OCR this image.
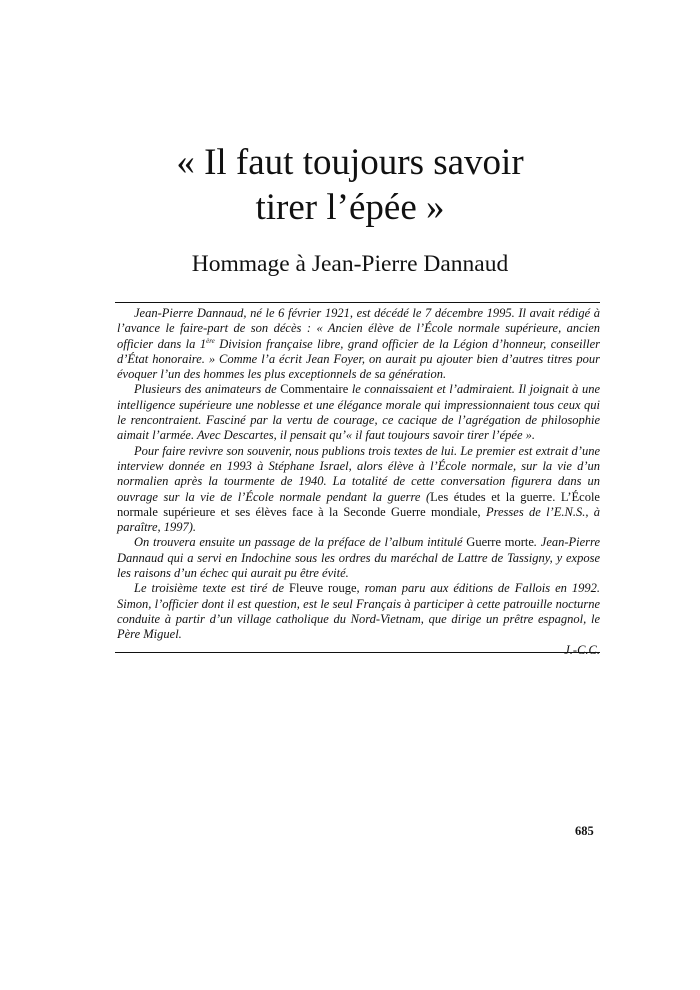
« Il faut toujours savoir
tirer l’épée »
Hommage à Jean-Pierre Dannaud

Jean-Pierre Dannaud, né le 6 février 1921, est décédé le 7 décembre 1995. Il avait rédigé à l’avance le faire-part de son décès : « Ancien élève de l’École normale supérieure, ancien officier dans la 1ère Division française libre, grand officier de la Légion d’honneur, conseiller d’État honoraire. » Comme l’a écrit Jean Foyer, on aurait pu ajouter bien d’autres titres pour évoquer l’un des hommes les plus exceptionnels de sa génération.

Plusieurs des animateurs de Commentaire le connaissaient et l’admiraient. Il joignait à une intelligence supérieure une noblesse et une élégance morale qui impressionnaient tous ceux qui le rencontraient. Fasciné par la vertu de courage, ce cacique de l’agrégation de philosophie aimait l’armée. Avec Descartes, il pensait qu’« il faut toujours savoir tirer l’épée ».

Pour faire revivre son souvenir, nous publions trois textes de lui. Le premier est extrait d’une interview donnée en 1993 à Stéphane Israel, alors élève à l’École normale, sur la vie d’un normalien après la tourmente de 1940. La totalité de cette conversation figurera dans un ouvrage sur la vie de l’École normale pendant la guerre (Les études et la guerre. L’École normale supérieure et ses élèves face à la Seconde Guerre mondiale, Presses de l’E.N.S., à paraître, 1997).

On trouvera ensuite un passage de la préface de l’album intitulé Guerre morte. Jean-Pierre Dannaud qui a servi en Indochine sous les ordres du maréchal de Lattre de Tassigny, y expose les raisons d’un échec qui aurait pu être évité.

Le troisième texte est tiré de Fleuve rouge, roman paru aux éditions de Fallois en 1992. Simon, l’officier dont il est question, est le seul Français à participer à cette patrouille nocturne conduite à partir d’un village catholique du Nord-Vietnam, que dirige un prêtre espagnol, le Père Miguel.

J.-C.C.

685
